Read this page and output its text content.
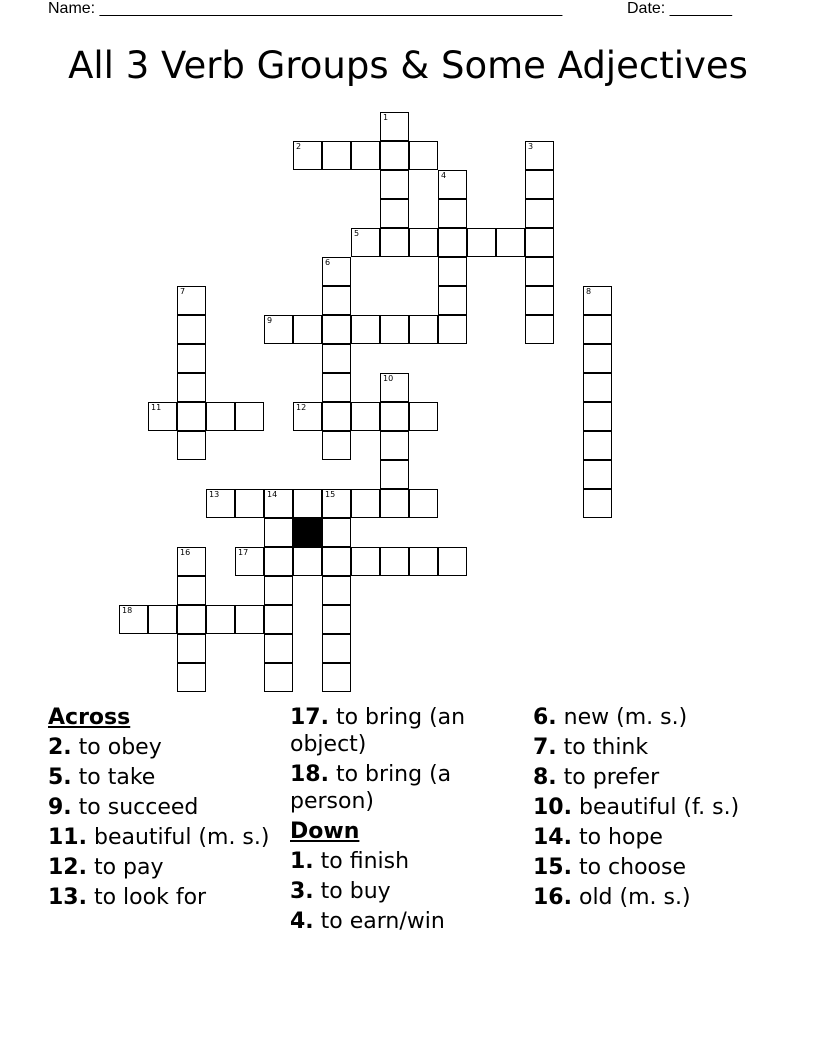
Name: ____________________________________________________	Date: _______
All 3 Verb Groups & Some Adjectives
1
2
4
3
5
6
9
7
11
8
10
12
13	14	15
17
16
18
Across
2. to obey
5. to take
9. to succeed
11. beautiful (m. s.)
12. to pay
13. to look for
17. to bring (an object)
18. to bring (a person)
Down
1. to finish
3. to buy
4. to earn/win
6. new (m. s.)
7. to think
8. to prefer
10. beautiful (f. s.)
14. to hope
15. to choose
16. old (m. s.)
